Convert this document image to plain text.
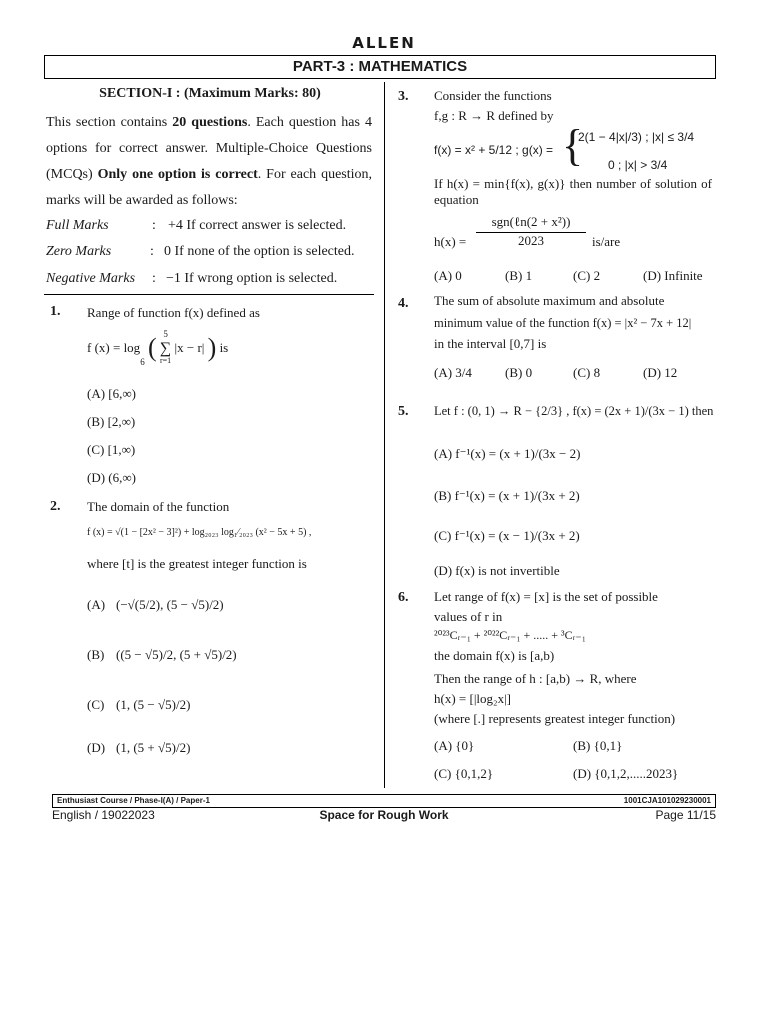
ALLEN
PART-3 : MATHEMATICS
SECTION-I : (Maximum Marks: 80)
This section contains 20 questions. Each question has 4 options for correct answer. Multiple-Choice Questions (MCQs) Only one option is correct. For each question, marks will be awarded as follows:
Full Marks	: +4 If correct answer is selected.
Zero Marks	: 0 If none of the option is selected.
Negative Marks	: −1 If wrong option is selected.
1. Range of function f(x) defined as
f $(x) = \log_6$ ( 5
∑
r=1
|x − r| ) is
(A) [6,∞)
(B) [2,∞)
(C) [1,∞)
(D) (6,∞)
2. The domain of the function
f (x) = √(1 − [2x² − 3]²) + log₂₀₂₃ log₁⁄₂₀₂₃ (x² − 5x + 5) ,
where [t] is the greatest integer function is
(A) (−√(5/2), (5 − √5)/2)
(B) ((5 − √5)/2, (5 + √5)/2)
(C) (1, (5 − √5)/2)
(D) (1, (5 + √5)/2)
3. Consider the functions
f,g : R → R defined by
f(x) = x² + 5/12 ; g(x) = {
2(1 − 4|x|/3) ; |x| ≤ 3/4
0 ; |x| > 3/4
If h(x) = min{f(x), g(x)} then number of solution of equation
h(x) =
sgn(ℓn(2 + x²))
2023	is/are
(A) 0	(B) 1	(C) 2	(D) Infinite
4. The sum of absolute maximum and absolute
minimum value of the function f(x) = |x² − 7x + 12|
in the interval [0,7] is
(A) 3/4	(B) 0	(C) 8	(D) 12
5. Let f : (0, 1) → R − {2/3} , f(x) = (2x + 1)/(3x − 1) then
(A) f⁻¹(x) = (x + 1)/(3x − 2)
(B) f⁻¹(x) = (x + 1)/(3x + 2)
(C) f⁻¹(x) = (x − 1)/(3x + 2)
(D) f(x) is not invertible
6. Let range of f(x) = [x] is the set of possible
values of r in
²⁰²³Cᵣ₋₁ + ²⁰²²Cᵣ₋₁ + ..... + ³Cᵣ₋₁
the domain f(x) is [a,b)
Then the range of h : [a,b) → R, where
h(x) = [|log₂x|]
(where [.] represents greatest integer function)
(A) {0}	(B) {0,1}
(C) {0,1,2}	(D) {0,1,2,.....2023}
Enthusiast Course / Phase-I(A) / Paper-1	1001CJA101029230001
English / 19022023	Space for Rough Work	Page 11/15
